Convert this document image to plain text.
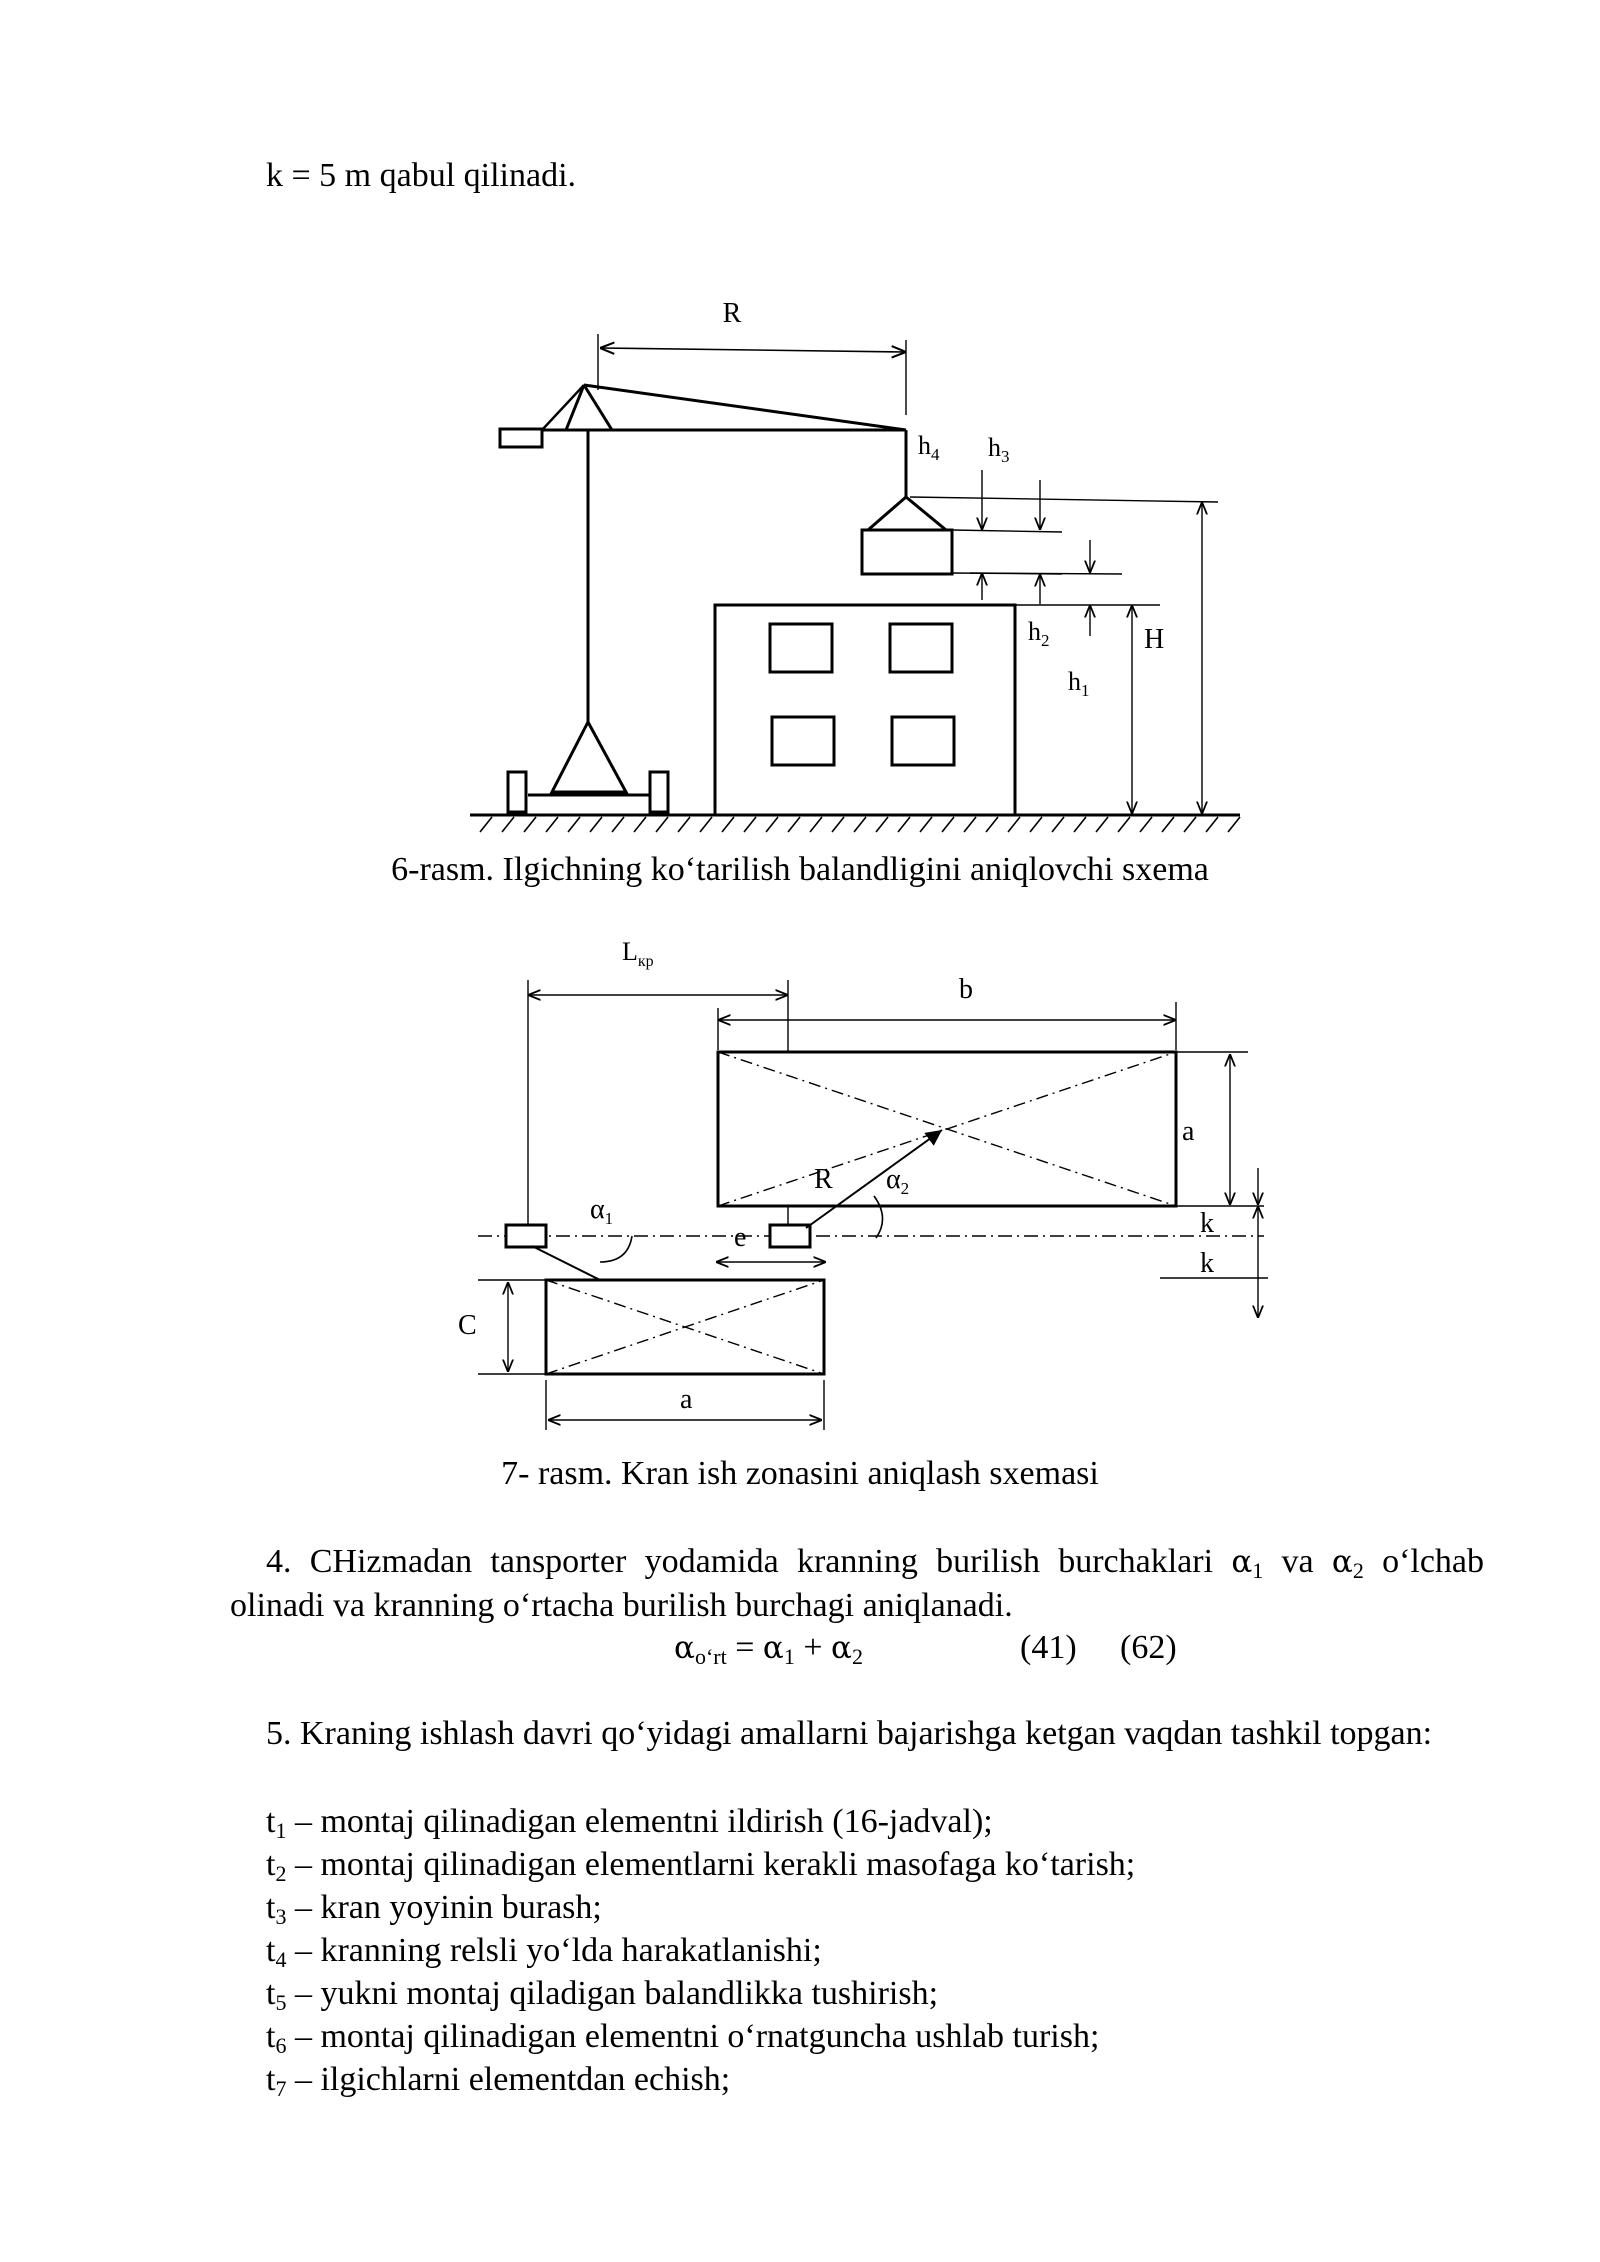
k = 5 m qabul qilinadi.
R
$h_4$ $h_3$
$h_2$
$h_1$
H
6-rasm. Ilgichning ko‘tarilish balandligini aniqlovchi sxema
$L_{кр}$
b
a
k
k
e
R $\alpha_2$
$\alpha_1$
C
a
7- rasm. Kran ish zonasini aniqlash sxemasi
4. CHizmadan tansporter yodamida kranning burilish burchaklari $\alpha_1$ va $\alpha_2$ o‘lchab olinadi va kranning o‘rtacha burilish burchagi aniqlanadi.
$\alpha_{o‘rt} = \alpha_1 + \alpha_2$	(41) (62)
5. Kraning ishlash davri qo‘yidagi amallarni bajarishga ketgan vaqdan tashkil topgan:
$t_1$ – montaj qilinadigan elementni ildirish (16-jadval);
$t_2$ – montaj qilinadigan elementlarni kerakli masofaga ko‘tarish;
$t_3$ – kran yoyinin burash;
$t_4$ – kranning relsli yo‘lda harakatlanishi;
$t_5$ – yukni montaj qiladigan balandlikka tushirish;
$t_6$ – montaj qilinadigan elementni o‘rnatguncha ushlab turish;
$t_7$ – ilgichlarni elementdan echish;
